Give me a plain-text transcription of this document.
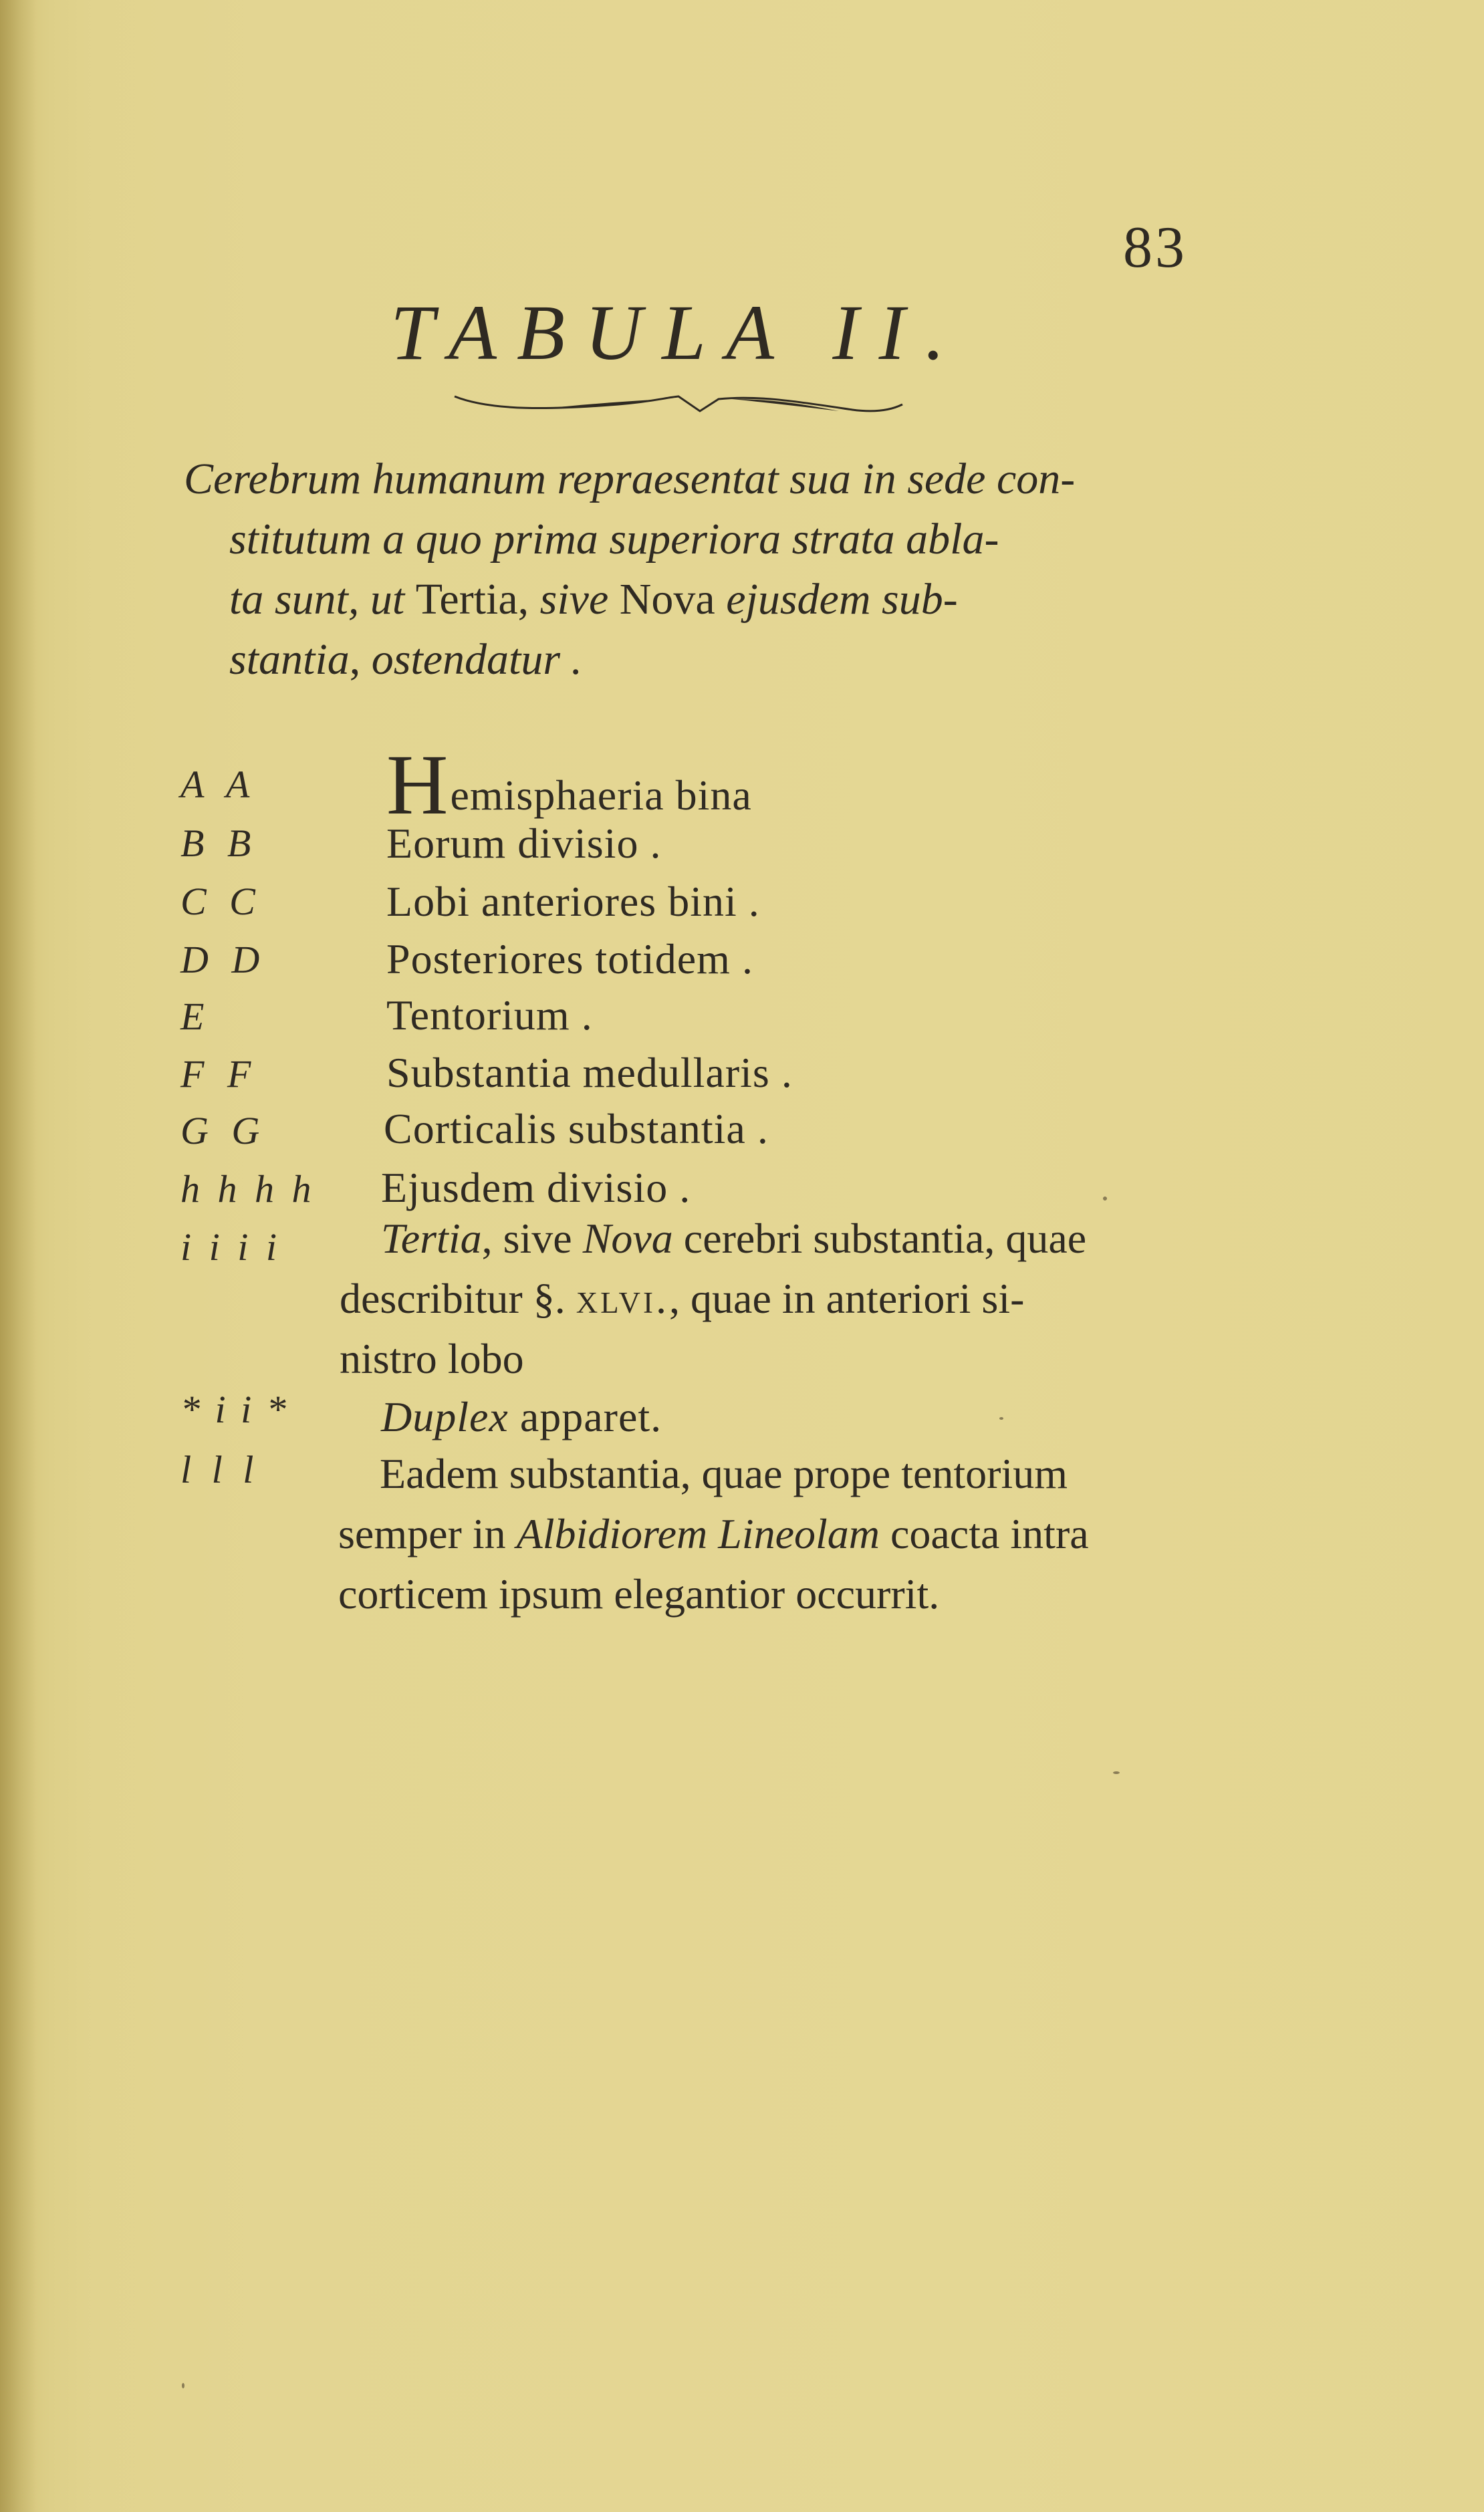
83
TABULA II.
Cerebrum humanum repraesentat sua in sede con-
stitutum a quo prima superiora strata abla-
ta sunt, ut Tertia, sive Nova ejusdem sub-
stantia, ostendatur .
A A
B B
C C
D D
E
F F
G G
h h h h
i i i i
* i i *
l l l
Hemisphaeria bina
Eorum divisio .
Lobi anteriores bini .
Posteriores totidem .
Tentorium .
Substantia medullaris .
Corticalis substantia .
Ejusdem divisio .
Tertia, sive Nova cerebri substantia, quae
describitur §. xlvi., quae in anteriori si-
nistro lobo
Duplex apparet.
Eadem substantia, quae prope tentorium
semper in Albidiorem Lineolam coacta intra
corticem ipsum elegantior occurrit.
